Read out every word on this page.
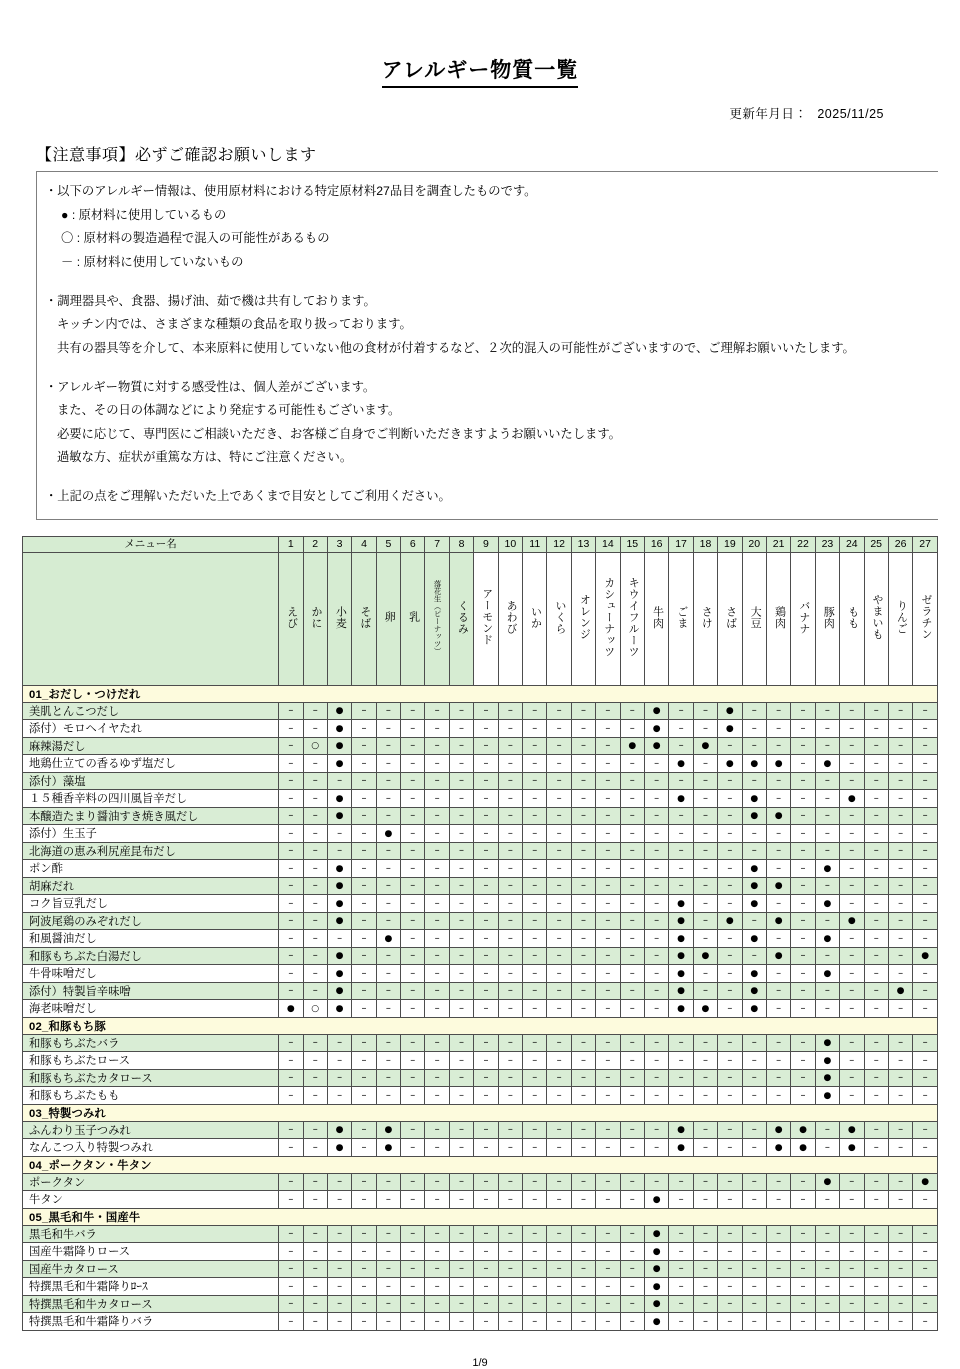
アレルギー物質一覧
更新年月日： 2025/11/25
【注意事項】必ずご確認お願いします
・以下のアレルギー情報は、使用原材料における特定原材料27品目を調査したものです。
● : 原材料に使用しているもの
〇 : 原材料の製造過程で混入の可能性があるもの
－ : 原材料に使用していないもの
・調理器具や、食器、揚げ油、茹で機は共有しております。
キッチン内では、さまざまな種類の食品を取り扱っております。
共有の器具等を介して、本来原料に使用していない他の食材が付着するなど、２次的混入の可能性がございますので、ご理解お願いいたします。
・アレルギー物質に対する感受性は、個人差がございます。
また、その日の体調などにより発症する可能性もございます。
必要に応じて、専門医にご相談いただき、お客様ご自身でご判断いただきますようお願いいたします。
過敏な方、症状が重篤な方は、特にご注意ください。
・上記の点をご理解いただいた上であくまで目安としてご利用ください。
メニュー名	1	2	3	4	5	6	7	8	9	10	11	12	13	14	15	16	17	18	19	20	21	22	23	24	25	26	27
	えび	かに	小麦	そば	卵	乳	落花生（ピーナッツ）	くるみ	アーモンド	あわび	いか	いくら	オレンジ	カシューナッツ	キウイフルーツ	牛肉	ごま	さけ	さば	大豆	鶏肉	バナナ	豚肉	もも	やまいも	りんご	ゼラチン
01_おだし・つけだれ																											
美肌とんこつだし	–	–	●	–	–	–	–	–	–	–	–	–	–	–	–	●	–	–	●	–	–	–	–	–	–	–	–
添付）モロヘイヤたれ	–	–	●	–	–	–	–	–	–	–	–	–	–	–	–	●	–	–	●	–	–	–	–	–	–	–	–
麻辣湯だし	–	○	●	–	–	–	–	–	–	–	–	–	–	–	●	●	–	●	–	–	–	–	–	–	–	–	–
地鶏仕立ての香るゆず塩だし	–	–	●	–	–	–	–	–	–	–	–	–	–	–	–	–	●	–	●	●	●	–	●	–	–	–	–
添付）藻塩	–	–	–	–	–	–	–	–	–	–	–	–	–	–	–	–	–	–	–	–	–	–	–	–	–	–	–
１５種香辛料の四川風旨辛だし	–	–	●	–	–	–	–	–	–	–	–	–	–	–	–	–	●	–	–	●	–	–	–	●	–	–	–
本醸造たまり醤油すき焼き風だし	–	–	●	–	–	–	–	–	–	–	–	–	–	–	–	–	–	–	–	●	●	–	–	–	–	–	–
添付）生玉子	–	–	–	–	●	–	–	–	–	–	–	–	–	–	–	–	–	–	–	–	–	–	–	–	–	–	–
北海道の恵み利尻産昆布だし	–	–	–	–	–	–	–	–	–	–	–	–	–	–	–	–	–	–	–	–	–	–	–	–	–	–	–
ポン酢	–	–	●	–	–	–	–	–	–	–	–	–	–	–	–	–	–	–	–	●	–	–	●	–	–	–	–
胡麻だれ	–	–	●	–	–	–	–	–	–	–	–	–	–	–	–	–	–	–	–	●	●	–	–	–	–	–	–
コク旨豆乳だし	–	–	●	–	–	–	–	–	–	–	–	–	–	–	–	–	●	–	–	●	–	–	●	–	–	–	–
阿波尾鶏のみぞれだし	–	–	●	–	–	–	–	–	–	–	–	–	–	–	–	–	●	–	●	–	●	–	–	●	–	–	–
和風醤油だし	–	–	–	–	●	–	–	–	–	–	–	–	–	–	–	–	●	–	–	●	–	–	●	–	–	–	–
和豚もちぶた白湯だし	–	–	●	–	–	–	–	–	–	–	–	–	–	–	–	–	●	●	–	–	●	–	–	–	–	–	●
牛骨味噌だし	–	–	●	–	–	–	–	–	–	–	–	–	–	–	–	–	●	–	–	●	–	–	●	–	–	–	–
添付）特製旨辛味噌	–	–	●	–	–	–	–	–	–	–	–	–	–	–	–	–	●	–	–	●	–	–	–	–	–	●	–
海老味噌だし	●	○	●	–	–	–	–	–	–	–	–	–	–	–	–	–	●	●	–	●	–	–	–	–	–	–	–
02_和豚もち豚																											
和豚もちぶたバラ	–	–	–	–	–	–	–	–	–	–	–	–	–	–	–	–	–	–	–	–	–	–	●	–	–	–	–
和豚もちぶたロース	–	–	–	–	–	–	–	–	–	–	–	–	–	–	–	–	–	–	–	–	–	–	●	–	–	–	–
和豚もちぶたカタロース	–	–	–	–	–	–	–	–	–	–	–	–	–	–	–	–	–	–	–	–	–	–	●	–	–	–	–
和豚もちぶたもも	–	–	–	–	–	–	–	–	–	–	–	–	–	–	–	–	–	–	–	–	–	–	●	–	–	–	–
03_特製つみれ																											
ふんわり玉子つみれ	–	–	●	–	●	–	–	–	–	–	–	–	–	–	–	–	●	–	–	–	●	●	–	●	–	–	–
なんこつ入り特製つみれ	–	–	●	–	●	–	–	–	–	–	–	–	–	–	–	–	●	–	–	–	●	●	–	●	–	–	–
04_ポークタン・牛タン																											
ポークタン	–	–	–	–	–	–	–	–	–	–	–	–	–	–	–	–	–	–	–	–	–	–	●	–	–	–	●
牛タン	–	–	–	–	–	–	–	–	–	–	–	–	–	–	–	●	–	–	–	–	–	–	–	–	–	–	–
05_黒毛和牛・国産牛																											
黒毛和牛バラ	–	–	–	–	–	–	–	–	–	–	–	–	–	–	–	●	–	–	–	–	–	–	–	–	–	–	–
国産牛霜降りロース	–	–	–	–	–	–	–	–	–	–	–	–	–	–	–	●	–	–	–	–	–	–	–	–	–	–	–
国産牛カタロース	–	–	–	–	–	–	–	–	–	–	–	–	–	–	–	●	–	–	–	–	–	–	–	–	–	–	–
特撰黒毛和牛霜降りﾛｰｽ	–	–	–	–	–	–	–	–	–	–	–	–	–	–	–	●	–	–	–	–	–	–	–	–	–	–	–
特撰黒毛和牛カタロース	–	–	–	–	–	–	–	–	–	–	–	–	–	–	–	●	–	–	–	–	–	–	–	–	–	–	–
特撰黒毛和牛霜降りバラ	–	–	–	–	–	–	–	–	–	–	–	–	–	–	–	●	–	–	–	–	–	–	–	–	–	–	–
1/9
